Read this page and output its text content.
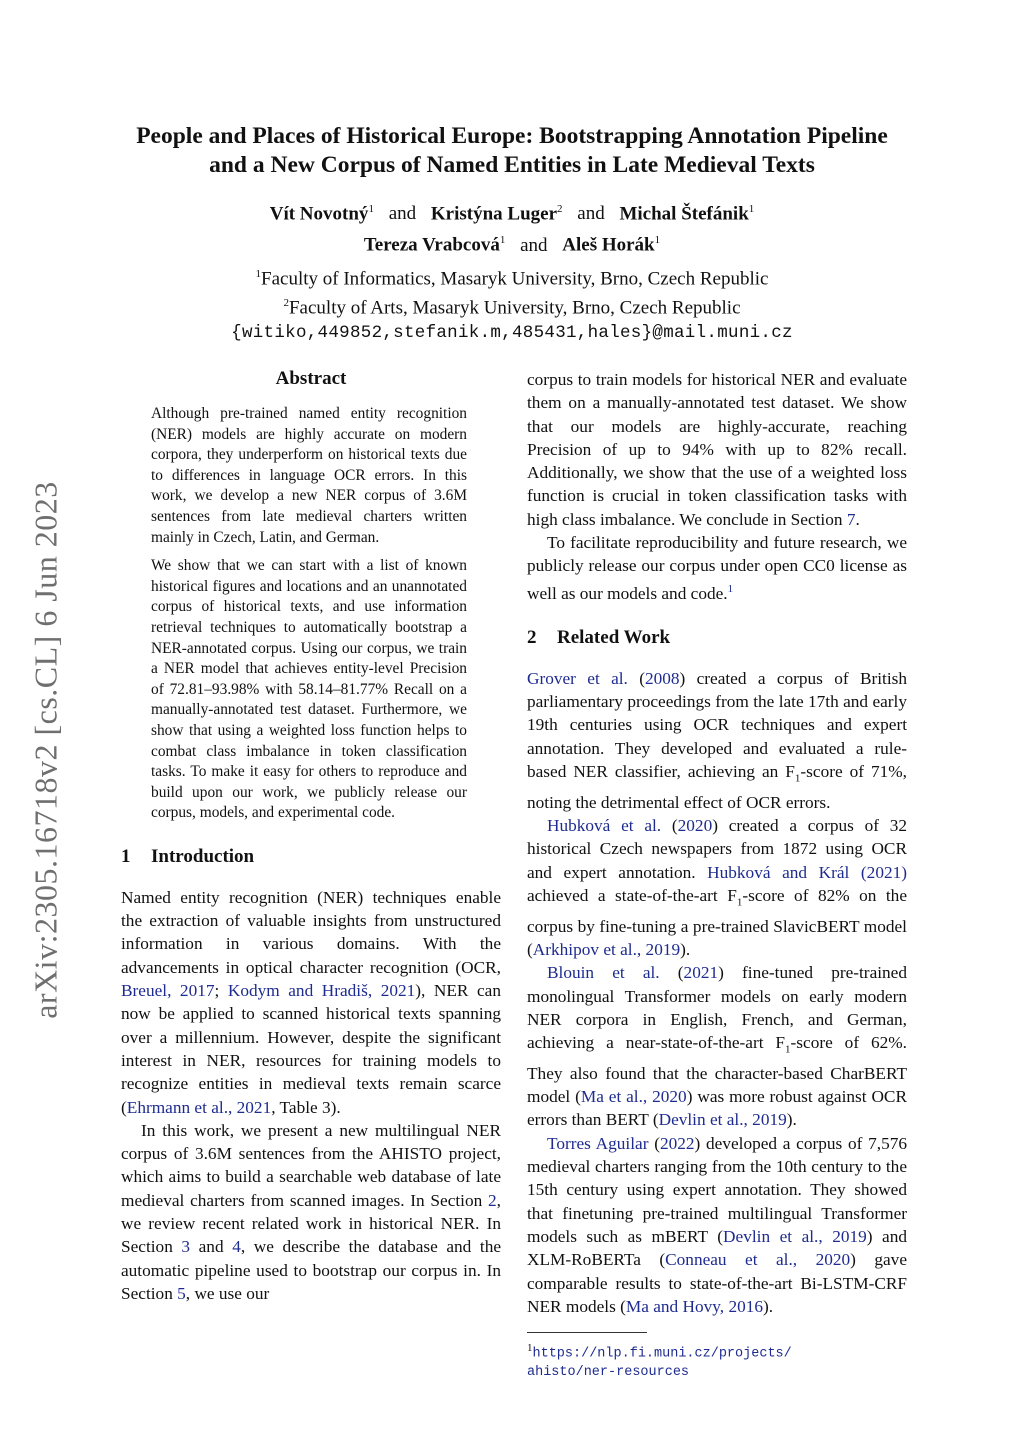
arXiv:2305.16718v2 [cs.CL] 6 Jun 2023
People and Places of Historical Europe: Bootstrapping Annotation Pipeline
and a New Corpus of Named Entities in Late Medieval Texts
Vít Novotný$^1$ and Kristýna Luger$^2$ and Michal Štefánik$^1$
Tereza Vrabcová$^1$ and Aleš Horák$^1$
$^1$Faculty of Informatics, Masaryk University, Brno, Czech Republic
$^2$Faculty of Arts, Masaryk University, Brno, Czech Republic
{witiko,449852,stefanik.m,485431,hales}@mail.muni.cz
Abstract

Although pre-trained named entity recognition (NER) models are highly accurate on modern corpora, they underperform on historical texts due to differences in language OCR errors. In this work, we develop a new NER corpus of 3.6M sentences from late medieval charters written mainly in Czech, Latin, and German.

We show that we can start with a list of known historical figures and locations and an unannotated corpus of historical texts, and use information retrieval techniques to automatically bootstrap a NER-annotated corpus. Using our corpus, we train a NER model that achieves entity-level Precision of 72.81–93.98% with 58.14–81.77% Recall on a manually-annotated test dataset. Furthermore, we show that using a weighted loss function helps to combat class imbalance in token classification tasks. To make it easy for others to reproduce and build upon our work, we publicly release our corpus, models, and experimental code.

1 Introduction

Named entity recognition (NER) techniques enable the extraction of valuable insights from unstructured information in various domains. With the advancements in optical character recognition (OCR, Breuel, 2017; Kodym and Hradiš, 2021), NER can now be applied to scanned historical texts spanning over a millennium. However, despite the significant interest in NER, resources for training models to recognize entities in medieval texts remain scarce (Ehrmann et al., 2021, Table 3).

In this work, we present a new multilingual NER corpus of 3.6M sentences from the AHISTO project, which aims to build a searchable web database of late medieval charters from scanned images. In Section 2, we review recent related work in historical NER. In Section 3 and 4, we describe the database and the automatic pipeline used to bootstrap our corpus in. In Section 5, we use our

corpus to train models for historical NER and evaluate them on a manually-annotated test dataset. We show that our models are highly-accurate, reaching Precision of up to 94% with up to 82% recall. Additionally, we show that the use of a weighted loss function is crucial in token classification tasks with high class imbalance. We conclude in Section 7.

To facilitate reproducibility and future research, we publicly release our corpus under open CC0 license as well as our models and code.$^1$

2 Related Work

Grover et al. (2008) created a corpus of British parliamentary proceedings from the late 17th and early 19th centuries using OCR techniques and expert annotation. They developed and evaluated a rule-based NER classifier, achieving an $F_1$-score of 71%, noting the detrimental effect of OCR errors.

Hubková et al. (2020) created a corpus of 32 historical Czech newspapers from 1872 using OCR and expert annotation. Hubková and Král (2021) achieved a state-of-the-art $F_1$-score of 82% on the corpus by fine-tuning a pre-trained SlavicBERT model (Arkhipov et al., 2019).

Blouin et al. (2021) fine-tuned pre-trained monolingual Transformer models on early modern NER corpora in English, French, and German, achieving a near-state-of-the-art $F_1$-score of 62%. They also found that the character-based CharBERT model (Ma et al., 2020) was more robust against OCR errors than BERT (Devlin et al., 2019).

Torres Aguilar (2022) developed a corpus of 7,576 medieval charters ranging from the 10th century to the 15th century using expert annotation. They showed that finetuning pre-trained multilingual Transformer models such as mBERT (Devlin et al., 2019) and XLM-RoBERTa (Conneau et al., 2020) gave comparable results to state-of-the-art Bi-LSTM-CRF NER models (Ma and Hovy, 2016).

$^1$https://nlp.fi.muni.cz/projects/
ahisto/ner-resources
